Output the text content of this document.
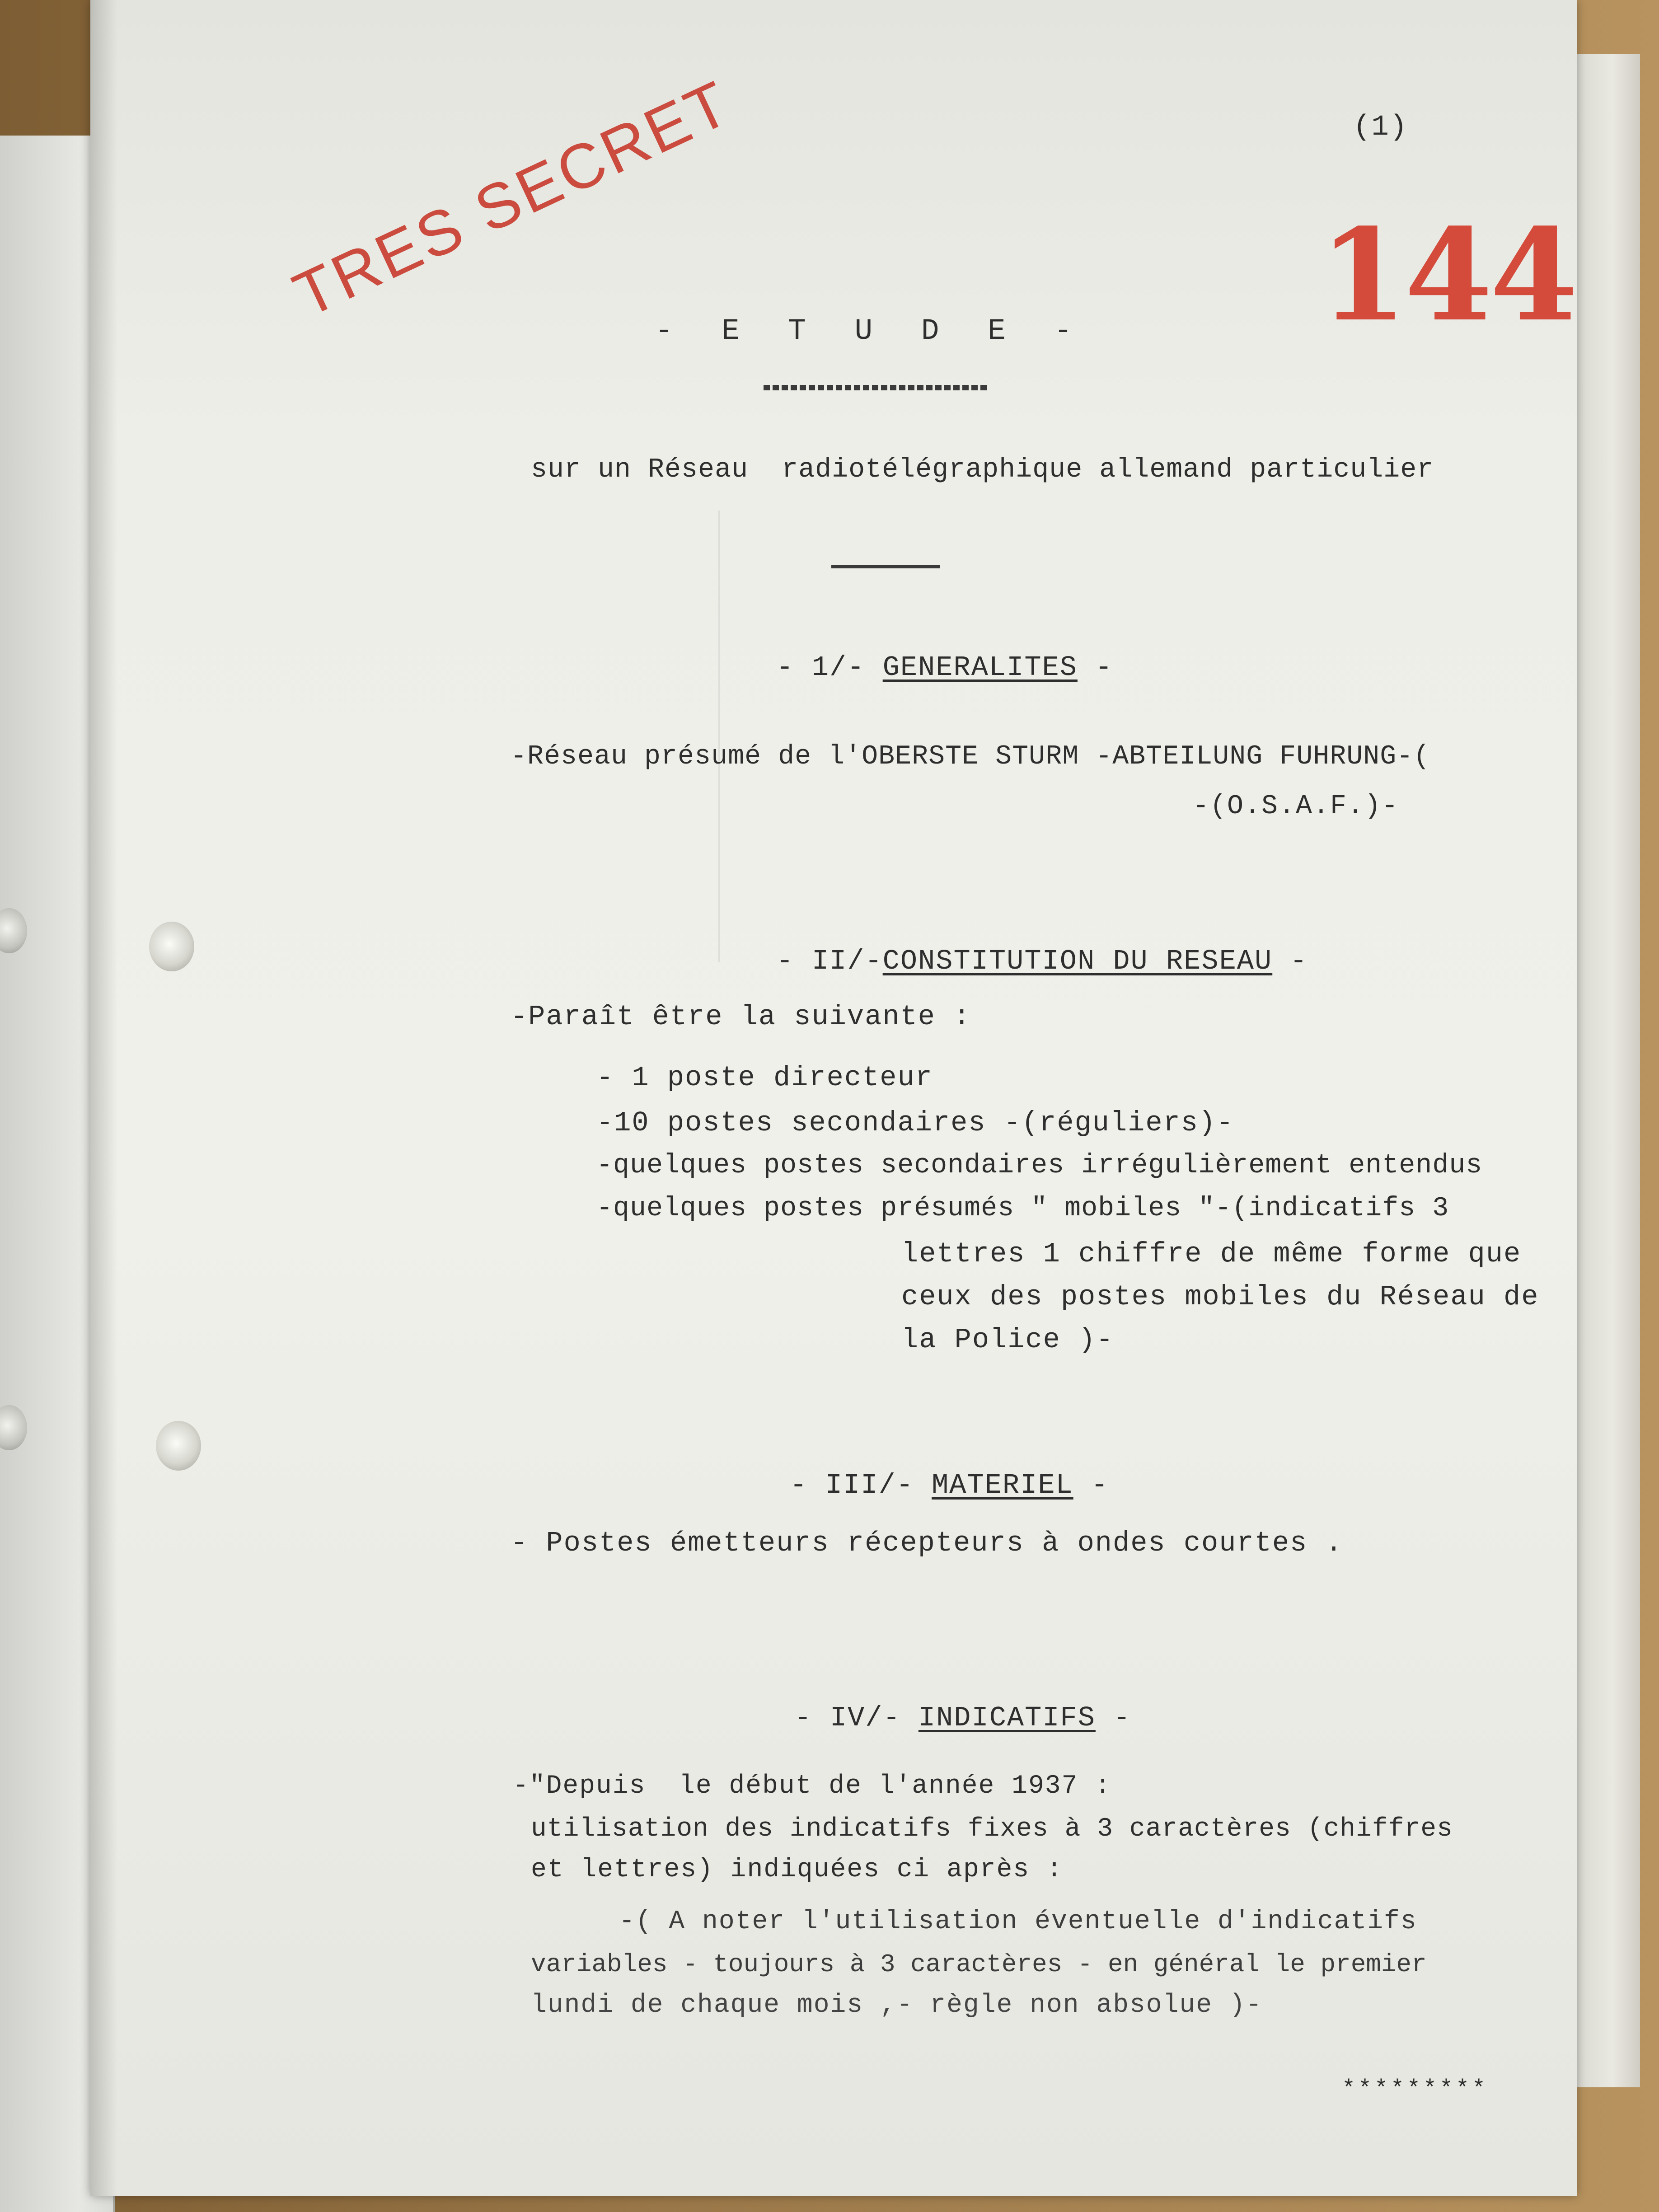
(1)
TRES SECRET	144
- E T U D E -
sur un Réseau  radiotélégraphique allemand particulier

- 1/- GENERALITES -

-Réseau présumé de l'OBERSTE STURM -ABTEILUNG FUHRUNG-(
-(O.S.A.F.)-

- II/-CONSTITUTION DU RESEAU -

-Paraît être la suivante :
- 1 poste directeur
-10 postes secondaires -(réguliers)-
-quelques postes secondaires irrégulièrement entendus
-quelques postes présumés " mobiles "-(indicatifs 3
lettres 1 chiffre de même forme que
ceux des postes mobiles du Réseau de
la Police )-

- III/- MATERIEL -

- Postes émetteurs récepteurs à ondes courtes .

- IV/- INDICATIFS -

-"Depuis  le début de l'année 1937 :
utilisation des indicatifs fixes à 3 caractères (chiffres
et lettres) indiquées ci après :
-( A noter l'utilisation éventuelle d'indicatifs
variables - toujours à 3 caractères - en général le premier
lundi de chaque mois ,- règle non absolue )-
*********
